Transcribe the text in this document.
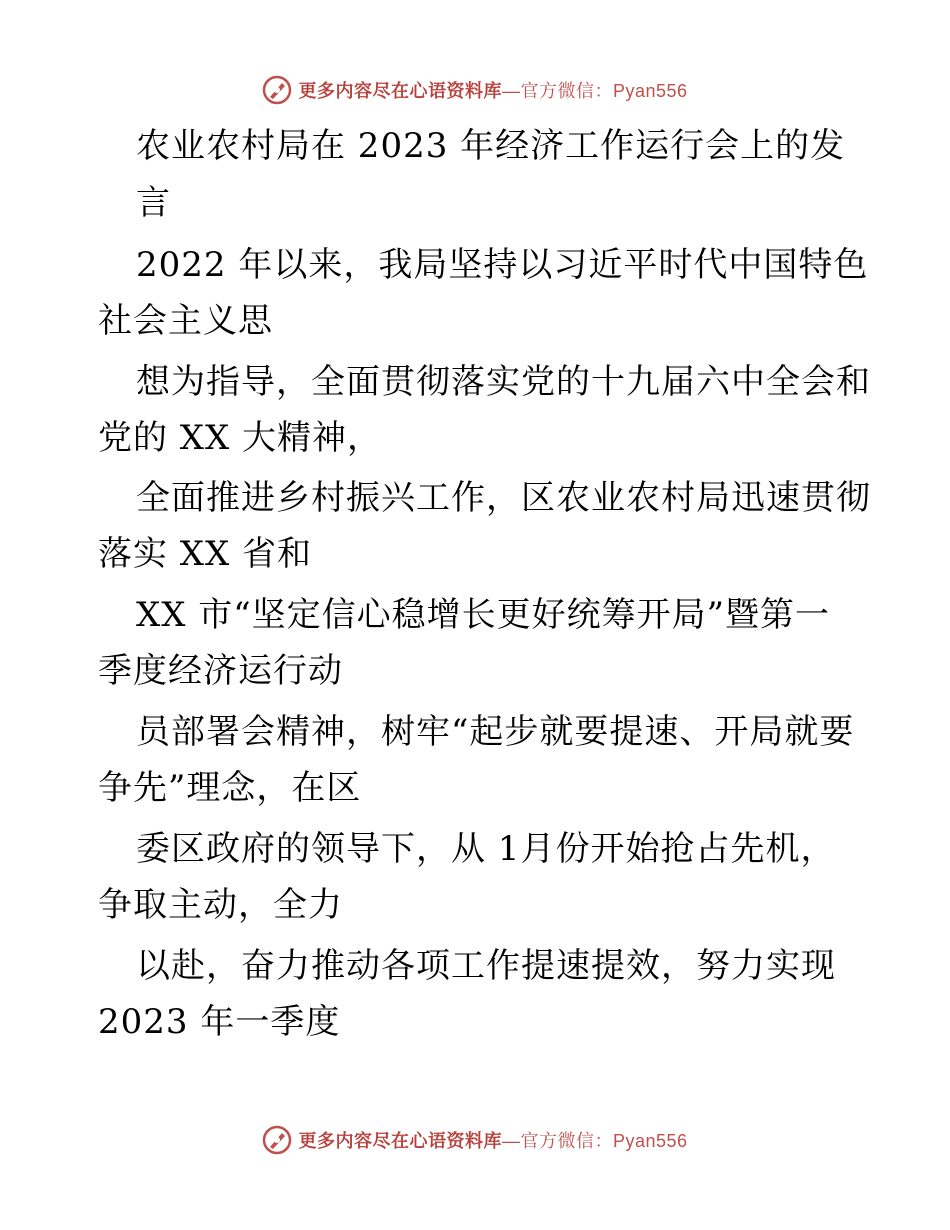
更多内容尽在心语资料库—官方微信：Pyan556
农业农村局在 2023 年经济工作运行会上的发
言
2022 年以来，我局坚持以习近平时代中国特色
社会主义思
想为指导，全面贯彻落实党的十九届六中全会和
党的 XX 大精神，
全面推进乡村振兴工作，区农业农村局迅速贯彻
落实 XX 省和
XX 市“坚定信心稳增长更好统筹开局”暨第一
季度经济运行动
员部署会精神，树牢“起步就要提速、开局就要
争先”理念，在区
委区政府的领导下，从 1月份开始抢占先机，
争取主动，全力
以赴，奋力推动各项工作提速提效，努力实现
2023 年一季度
更多内容尽在心语资料库—官方微信：Pyan556
